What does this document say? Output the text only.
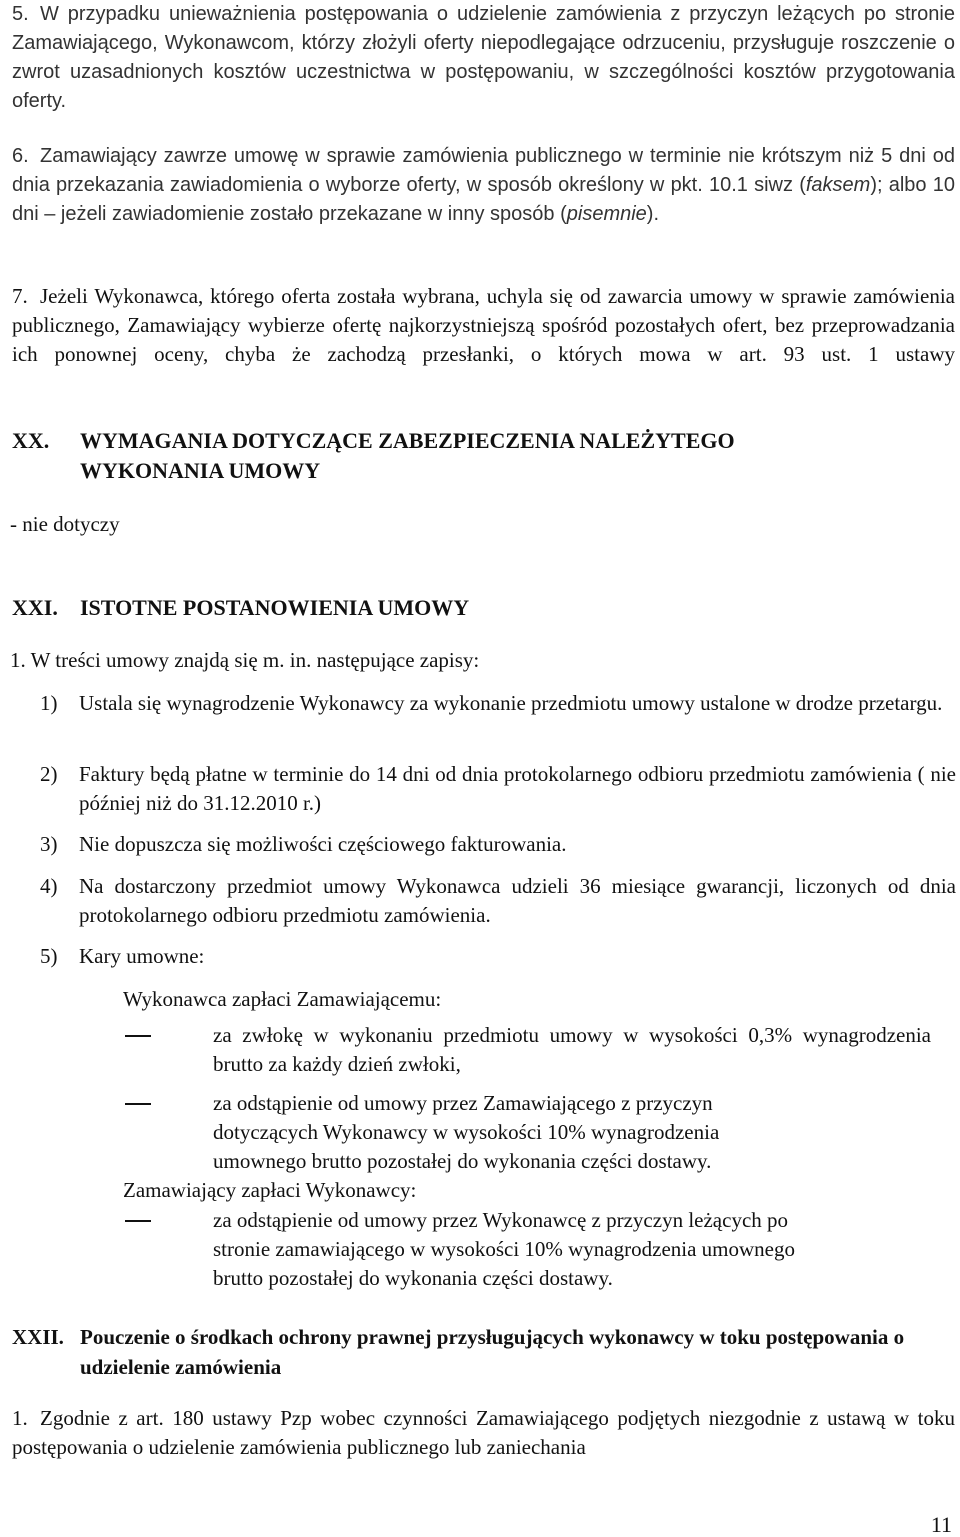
5. W przypadku unieważnienia postępowania o udzielenie zamówienia z przyczyn leżących po stronie Zamawiającego, Wykonawcom, którzy złożyli oferty niepodlegające odrzuceniu, przysługuje roszczenie o zwrot uzasadnionych kosztów uczestnictwa w postępowaniu, w szczególności kosztów przygotowania oferty.
6. Zamawiający zawrze umowę w sprawie zamówienia publicznego w terminie nie krótszym niż 5 dni od dnia przekazania zawiadomienia o wyborze oferty, w sposób określony w pkt. 10.1 siwz (faksem); albo 10 dni – jeżeli zawiadomienie zostało przekazane w inny sposób (pisemnie).
7. Jeżeli Wykonawca, którego oferta została wybrana, uchyla się od zawarcia umowy w sprawie zamówienia publicznego, Zamawiający wybierze ofertę najkorzystniejszą spośród pozostałych ofert, bez przeprowadzania ich ponownej oceny, chyba że zachodzą przesłanki, o których mowa w art. 93 ust. 1 ustawy
XX.	WYMAGANIA DOTYCZĄCE ZABEZPIECZENIA NALEŻYTEGO
WYKONANIA UMOWY
- nie dotyczy
XXI.	ISTOTNE POSTANOWIENIA UMOWY
1. W treści umowy znajdą się m. in. następujące zapisy:
1)	Ustala się wynagrodzenie Wykonawcy za wykonanie przedmiotu umowy ustalone w drodze przetargu.
2)	Faktury będą płatne w terminie do 14 dni od dnia protokolarnego odbioru przedmiotu zamówienia ( nie później niż do 31.12.2010 r.)
3)	Nie dopuszcza się możliwości częściowego fakturowania.
4)	Na dostarczony przedmiot umowy Wykonawca udzieli 36 miesiące gwarancji, liczonych od dnia protokolarnego odbioru przedmiotu zamówienia.
5)	Kary umowne:
Wykonawca zapłaci Zamawiającemu:
za zwłokę w wykonaniu przedmiotu umowy w wysokości 0,3% wynagrodzenia brutto za każdy dzień zwłoki,
za odstąpienie od umowy przez Zamawiającego z przyczyn dotyczących Wykonawcy w wysokości 10% wynagrodzenia umownego brutto pozostałej do wykonania części dostawy.
Zamawiający zapłaci Wykonawcy:
za odstąpienie od umowy przez Wykonawcę z przyczyn leżących po stronie zamawiającego w wysokości 10% wynagrodzenia umownego brutto pozostałej do wykonania części dostawy.
XXII. Pouczenie o środkach ochrony prawnej przysługujących wykonawcy w toku postępowania o udzielenie zamówienia
1. Zgodnie z art. 180 ustawy Pzp wobec czynności Zamawiającego podjętych niezgodnie z ustawą w toku postępowania o udzielenie zamówienia publicznego lub zaniechania
11
